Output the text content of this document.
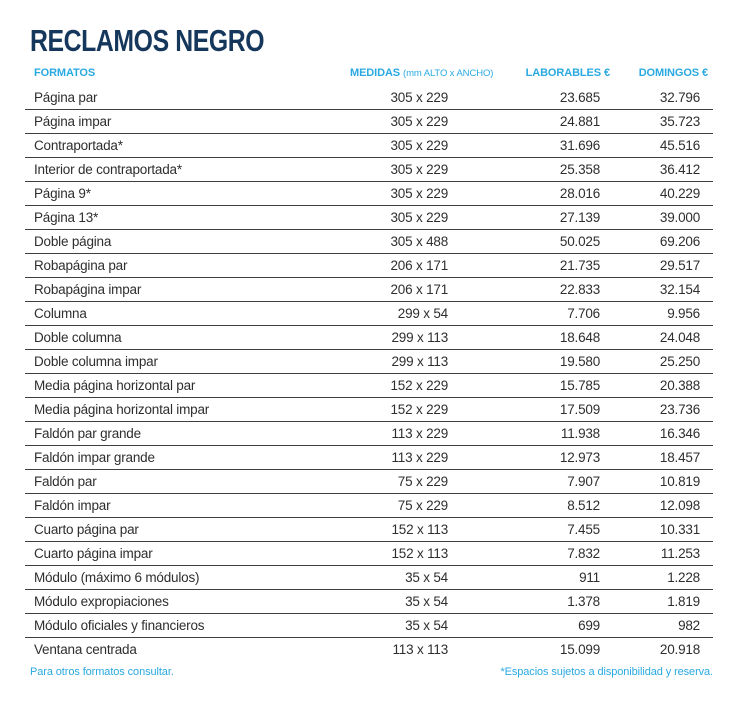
RECLAMOS NEGRO
FORMATOS	MEDIDAS (mm ALTO x ANCHO)	LABORABLES €	DOMINGOS €
Página par	305 x 229	23.685	32.796
Página impar	305 x 229	24.881	35.723
Contraportada*	305 x 229	31.696	45.516
Interior de contraportada*	305 x 229	25.358	36.412
Página 9*	305 x 229	28.016	40.229
Página 13*	305 x 229	27.139	39.000
Doble página	305 x 488	50.025	69.206
Robapágina par	206 x 171	21.735	29.517
Robapágina impar	206 x 171	22.833	32.154
Columna	299 x 54	7.706	9.956
Doble columna	299 x 113	18.648	24.048
Doble columna impar	299 x 113	19.580	25.250
Media página horizontal par	152 x 229	15.785	20.388
Media página horizontal impar	152 x 229	17.509	23.736
Faldón par grande	113 x 229	11.938	16.346
Faldón impar grande	113 x 229	12.973	18.457
Faldón par	75 x 229	7.907	10.819
Faldón impar	75 x 229	8.512	12.098
Cuarto página par	152 x 113	7.455	10.331
Cuarto página impar	152 x 113	7.832	11.253
Módulo (máximo 6 módulos)	35 x 54	911	1.228
Módulo expropiaciones	35 x 54	1.378	1.819
Módulo oficiales y financieros	35 x 54	699	982
Ventana centrada	113 x 113	15.099	20.918
Para otros formatos consultar.	*Espacios sujetos a disponibilidad y reserva.
